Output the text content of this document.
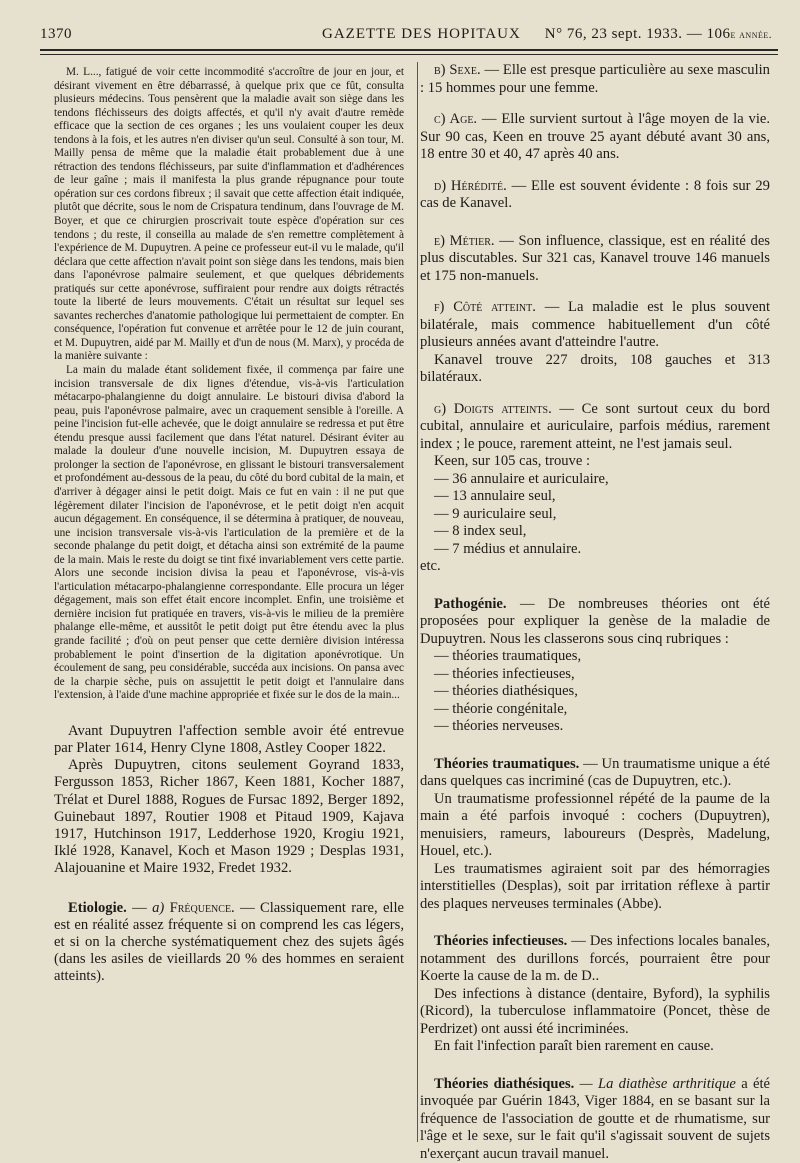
1370	GAZETTE DES HOPITAUX N° 76, 23 sept. 1933. — 106e année.

M. L..., fatigué de voir cette incommodité s'accroître de jour en jour, et désirant vivement en être débarrassé, à quelque prix que ce fût, consulta plusieurs médecins. Tous pensèrent que la maladie avait son siège dans les tendons fléchisseurs des doigts affectés, et qu'il n'y avait d'autre remède efficace que la section de ces organes ; les uns voulaient couper les deux tendons à la fois, et les autres n'en diviser qu'un seul. Consulté à son tour, M. Mailly pensa de même que la maladie était probablement due à une rétraction des tendons fléchisseurs, par suite d'inflammation et d'adhérences de leur gaîne ; mais il manifesta la plus grande répugnance pour toute opération sur ces cordons fibreux ; il savait que cette affection était indiquée, plutôt que décrite, sous le nom de Crispatura tendinum, dans l'ouvrage de M. Boyer, et que ce chirurgien proscrivait toute espèce d'opération sur ces tendons ; du reste, il conseilla au malade de s'en remettre complètement à l'expérience de M. Dupuytren. A peine ce professeur eut-il vu le malade, qu'il déclara que cette affection n'avait point son siège dans les tendons, mais bien dans l'aponévrose palmaire seulement, et que quelques débridements pratiqués sur cette aponévrose, suffiraient pour rendre aux doigts rétractés toute la liberté de leurs mouvements. C'était un résultat sur lequel ses savantes recherches d'anatomie pathologique lui permettaient de compter. En conséquence, l'opération fut convenue et arrêtée pour le 12 de juin courant, et M. Dupuytren, aidé par M. Mailly et d'un de nous (M. Marx), y procéda de la manière suivante :

La main du malade étant solidement fixée, il commença par faire une incision transversale de dix lignes d'étendue, vis-à-vis l'articulation métacarpo-phalangienne du doigt annulaire. Le bistouri divisa d'abord la peau, puis l'aponévrose palmaire, avec un craquement sensible à l'oreille. A peine l'incision fut-elle achevée, que le doigt annulaire se redressa et put être étendu presque aussi facilement que dans l'état naturel. Désirant éviter au malade la douleur d'une nouvelle incision, M. Dupuytren essaya de prolonger la section de l'aponévrose, en glissant le bistouri transversalement et profondément au-dessous de la peau, du côté du bord cubital de la main, et d'arriver à dégager ainsi le petit doigt. Mais ce fut en vain : il ne put que légèrement dilater l'incision de l'aponévrose, et le petit doigt n'en acquit aucun dégagement. En conséquence, il se détermina à pratiquer, de nouveau, une incision transversale vis-à-vis l'articulation de la première et de la seconde phalange du petit doigt, et détacha ainsi son extrémité de la paume de la main. Mais le reste du doigt se tint fixé invariablement vers cette partie. Alors une seconde incision divisa la peau et l'aponévrose, vis-à-vis l'articulation métacarpo-phalangienne correspondante. Elle procura un léger dégagement, mais son effet était encore incomplet. Enfin, une troisième et dernière incision fut pratiquée en travers, vis-à-vis le milieu de la première phalange elle-même, et aussitôt le petit doigt put être étendu avec la plus grande facilité ; d'où on peut penser que cette dernière division intéressa probablement le point d'insertion de la digitation aponévrotique. Un écoulement de sang, peu considérable, succéda aux incisions. On pansa avec de la charpie sèche, puis on assujettit le petit doigt et l'annulaire dans l'extension, à l'aide d'une machine appropriée et fixée sur le dos de la main...

Avant Dupuytren l'affection semble avoir été entrevue par Plater 1614, Henry Clyne 1808, Astley Cooper 1822.

Après Dupuytren, citons seulement Goyrand 1833, Fergusson 1853, Richer 1867, Keen 1881, Kocher 1887, Trélat et Durel 1888, Rogues de Fursac 1892, Berger 1892, Guinebaut 1897, Routier 1908 et Pitaud 1909, Kajava 1917, Hutchinson 1917, Ledderhose 1920, Krogiu 1921, Iklé 1928, Kanavel, Koch et Mason 1929 ; Desplas 1931, Alajouanine et Maire 1932, Fredet 1932.

Etiologie. — a) Fréquence. — Classiquement rare, elle est en réalité assez fréquente si on comprend les cas légers, et si on la cherche systématiquement chez des sujets âgés (dans les asiles de vieillards 20 % des hommes en seraient atteints).

b) Sexe. — Elle est presque particulière au sexe masculin : 15 hommes pour une femme.

c) Age. — Elle survient surtout à l'âge moyen de la vie. Sur 90 cas, Keen en trouve 25 ayant débuté avant 30 ans, 18 entre 30 et 40, 47 après 40 ans.

d) Hérédité. — Elle est souvent évidente : 8 fois sur 29 cas de Kanavel.

e) Métier. — Son influence, classique, est en réalité des plus discutables. Sur 321 cas, Kanavel trouve 146 manuels et 175 non-manuels.

f) Côté atteint. — La maladie est le plus souvent bilatérale, mais commence habituellement d'un côté plusieurs années avant d'atteindre l'autre.

Kanavel trouve 227 droits, 108 gauches et 313 bilatéraux.

g) Doigts atteints. — Ce sont surtout ceux du bord cubital, annulaire et auriculaire, parfois médius, rarement index ; le pouce, rarement atteint, ne l'est jamais seul.

Keen, sur 105 cas, trouve :

— 36 annulaire et auriculaire,
— 13 annulaire seul,
— 9 auriculaire seul,
— 8 index seul,
— 7 médius et annulaire.

etc.

Pathogénie. — De nombreuses théories ont été proposées pour expliquer la genèse de la maladie de Dupuytren. Nous les classerons sous cinq rubriques :

— théories traumatiques,
— théories infectieuses,
— théories diathésiques,
— théorie congénitale,
— théories nerveuses.

Théories traumatiques. — Un traumatisme unique a été dans quelques cas incriminé (cas de Dupuytren, etc.).

Un traumatisme professionnel répété de la paume de la main a été parfois invoqué : cochers (Dupuytren), menuisiers, rameurs, laboureurs (Desprès, Madelung, Houel, etc.).

Les traumatismes agiraient soit par des hémorragies interstitielles (Desplas), soit par irritation réflexe à partir des plaques nerveuses terminales (Abbe).

Théories infectieuses. — Des infections locales banales, notamment des durillons forcés, pourraient être pour Koerte la cause de la m. de D..

Des infections à distance (dentaire, Byford), la syphilis (Ricord), la tuberculose inflammatoire (Poncet, thèse de Perdrizet) ont aussi été incriminées.

En fait l'infection paraît bien rarement en cause.

Théories diathésiques. — La diathèse arthritique a été invoquée par Guérin 1843, Viger 1884, en se basant sur la fréquence de l'association de goutte et de rhumatisme, sur l'âge et le sexe, sur le fait qu'il s'agissait souvent de sujets n'exerçant aucun travail manuel.
